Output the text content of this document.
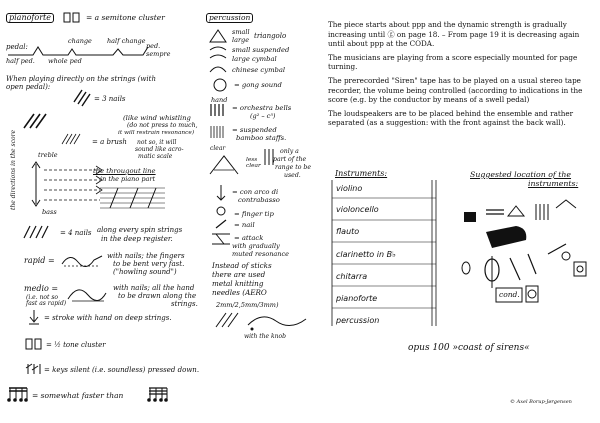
pianoforte	= a semitone cluster
change half change
pedal:	ped.
half ped. whole ped
sempre
When playing directly on the strings (with
open pedal):
= 3 nails
= a brush
(like wind whistling
(do not press to much,
it will restrain resonance)
not so, it will
sound like acro-
matic scale
the directions in the score	treble
bass
the througout line
in the piano part
= 4 nails along every spin strings
in the deep register.
rapid =	with nails; the fingers
to be bent very fast.
("howling sound")
medio =
(i.e. not so
fast as rapid)
with nails; all the hand
to be drawn along the
strings.
= stroke with hand on deep strings.
= ½ tone cluster
= keys silent (i.e. soundless) pressed down.
= somewhat faster than
percussion
small
large triangolo
small suspended
large cymbal
chinese cymbal
= gong sound
hand
= orchestra bells
(g² – c⁵)
= suspended
bamboo staffs.
clear
less
clear
only a
part of the
range to be
used.
= con arco di
contrabasso
= finger tip
= nail
= attack
with gradually
muted resonance
Instead of sticks
there are used
metal knitting
needles (AERO
2mm/2,5mm/3mm)
with the knob

The piece starts about ppp and the dynamic strength is gradually increasing until ⓖ on page 18. – From page 19 it is decreasing again until about ppp at the CODA.

The musicians are playing from a score especially mounted for page turning.

The prerecorded "Siren" tape has to be played on a usual stereo tape recorder, the volume being controlled (according to indications in the score (e.g. by the conductor by means of a swell pedal)

The loudspeakers are to be placed behind the ensemble and rather separated (as a suggestion: with the front against the back wall).

Instruments:
violino
violoncello
flauto
clarinetto in B♭
chitarra
pianoforte
percussion
Suggested location of the
instruments:
cond.
opus 100 »coast of sirens«
© Axel Borup-Jørgensen
